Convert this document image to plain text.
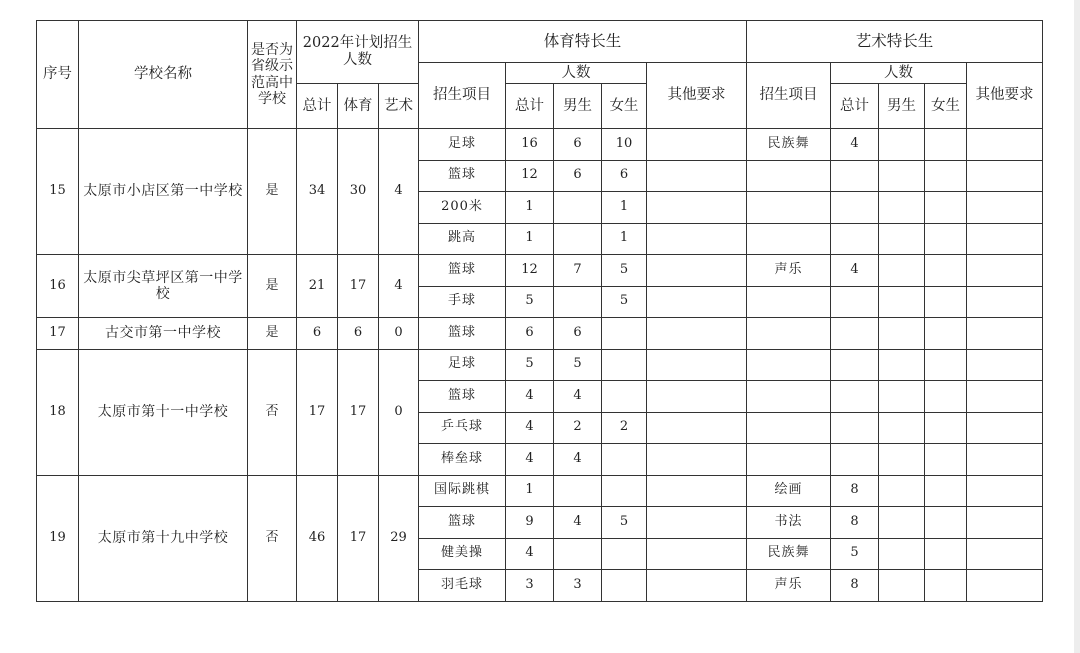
序号	学校名称	是否为省级示范高中学校	2022年计划招生人数			体育特长生					艺术特长生				
						招生项目	人数			其他要求	招生项目	人数			其他要求
			总计	体育	艺术		总计	男生	女生			总计	男生	女生	
15	太原市小店区第一中学校	是	34	30	4	足球	16	6	10		民族舞	4			
						篮球	12	6	6						
						200米	1		1						
						跳高	1		1						
16	太原市尖草坪区第一中学校	是	21	17	4	篮球	12	7	5		声乐	4			
						手球	5		5						
17	古交市第一中学校	是	6	6	0	篮球	6	6							
18	太原市第十一中学校	否	17	17	0	足球	5	5							
						篮球	4	4							
						乒乓球	4	2	2						
						棒垒球	4	4							
19	太原市第十九中学校	否	46	17	29	国际跳棋	1				绘画	8			
						篮球	9	4	5		书法	8			
						健美操	4				民族舞	5			
						羽毛球	3	3			声乐	8			
